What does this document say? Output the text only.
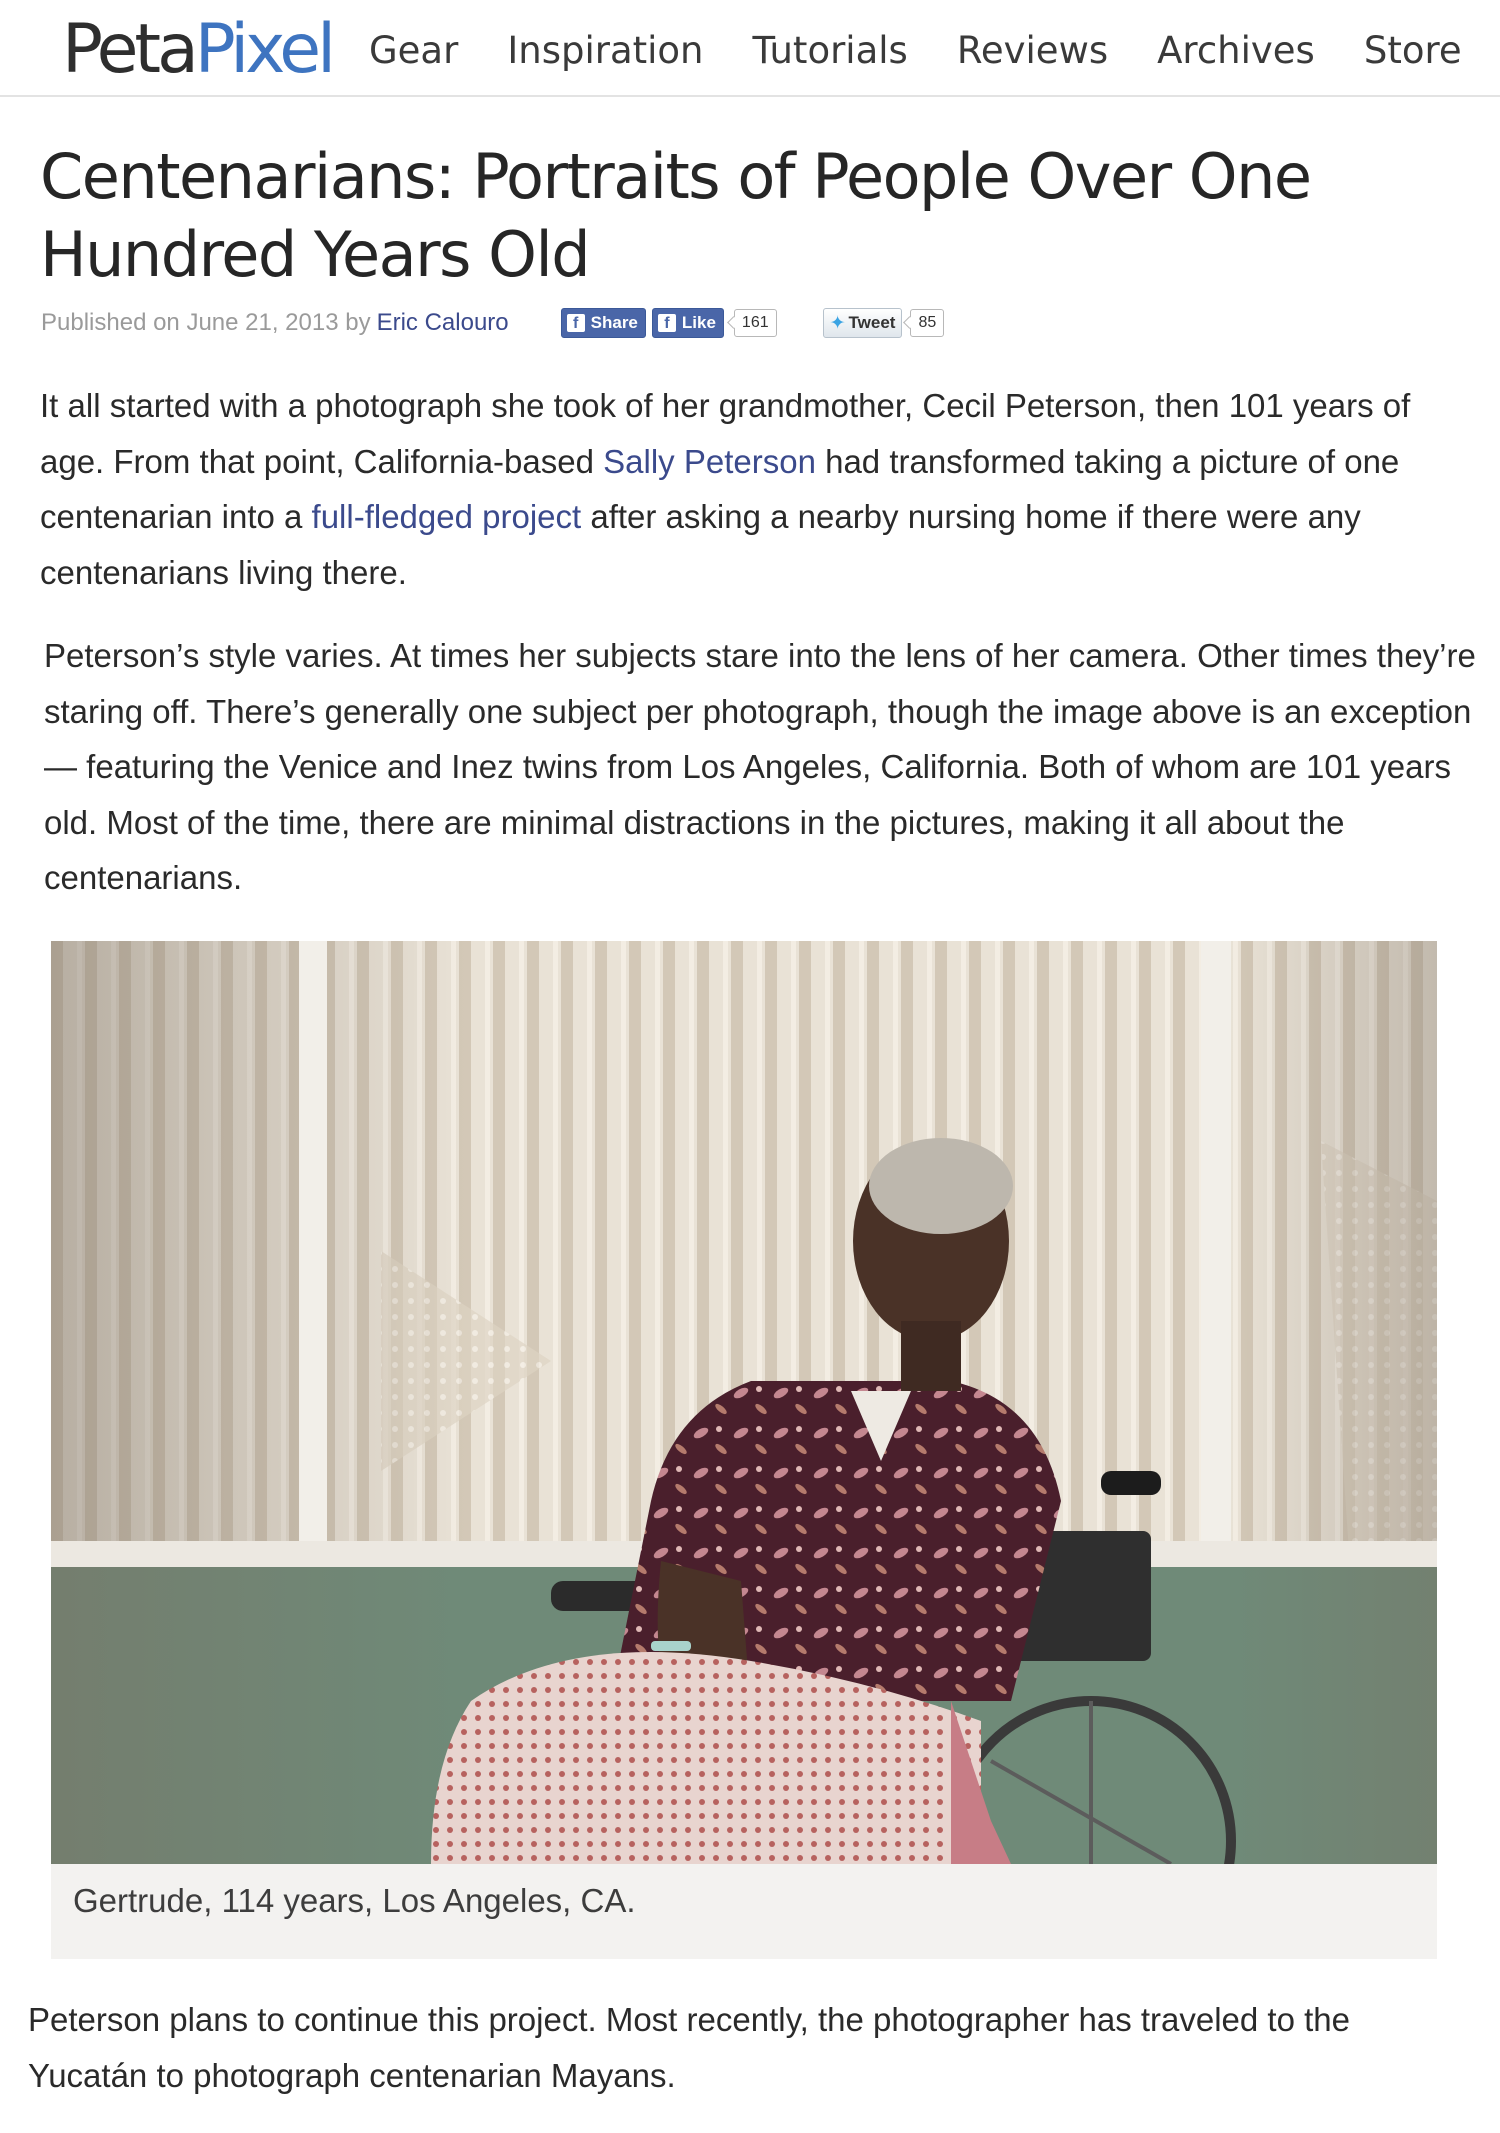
PetaPixel Gear Inspiration Tutorials Reviews Archives Store
Centenarians: Portraits of People Over One Hundred Years Old
Published on June 21, 2013 by Eric Calouro	f Share	f Like	161	✦ Tweet	85

It all started with a photograph she took of her grandmother, Cecil Peterson, then 101 years of age. From that point, California-based Sally Peterson had transformed taking a picture of one centenarian into a full-fledged project after asking a nearby nursing home if there were any centenarians living there.

Peterson’s style varies. At times her subjects stare into the lens of her camera. Other times they’re staring off. There’s generally one subject per photograph, though the image above is an exception — featuring the Venice and Inez twins from Los Angeles, California. Both of whom are 101 years old. Most of the time, there are minimal distractions in the pictures, making it all about the centenarians.

Gertrude, 114 years, Los Angeles, CA.

Peterson plans to continue this project. Most recently, the photographer has traveled to the Yucatán to photograph centenarian Mayans.
